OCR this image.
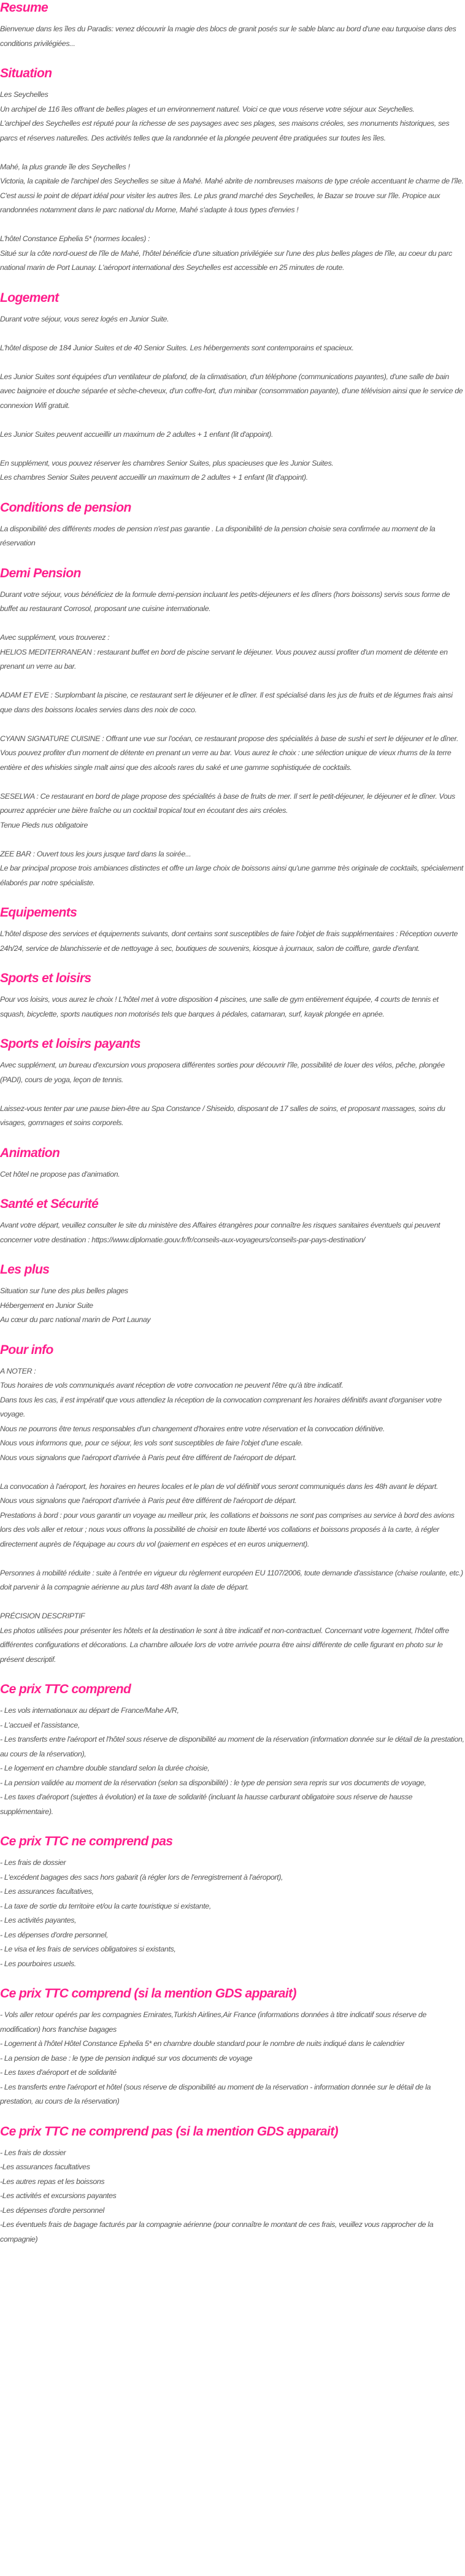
Resume

Bienvenue dans les îles du Paradis: venez découvrir la magie des blocs de granit posés sur le sable blanc au bord d'une eau turquoise dans des conditions privilégiées...

Situation

Les Seychelles
Un archipel de 116 îles offrant de belles plages et un environnement naturel. Voici ce que vous réserve votre séjour aux Seychelles.
L'archipel des Seychelles est réputé pour la richesse de ses paysages avec ses plages, ses maisons créoles, ses monuments historiques, ses parcs et réserves naturelles. Des activités telles que la randonnée et la plongée peuvent être pratiquées sur toutes les îles.

Mahé, la plus grande île des Seychelles !
Victoria, la capitale de l'archipel des Seychelles se situe à Mahé. Mahé abrite de nombreuses maisons de type créole accentuant le charme de l'île.
C'est aussi le point de départ idéal pour visiter les autres îles. Le plus grand marché des Seychelles, le Bazar se trouve sur l'île. Propice aux randonnées notamment dans le parc national du Morne, Mahé s'adapte à tous types d'envies !

L'hôtel Constance Ephelia 5* (normes locales) :
Situé sur la côte nord-ouest de l'île de Mahé, l'hôtel bénéficie d'une situation privilégiée sur l'une des plus belles plages de l'île, au coeur du parc national marin de Port Launay. L'aéroport international des Seychelles est accessible en 25 minutes de route.

Logement

Durant votre séjour, vous serez logés en Junior Suite.

L'hôtel dispose de 184 Junior Suites et de 40 Senior Suites. Les hébergements sont contemporains et spacieux.

Les Junior Suites sont équipées d'un ventilateur de plafond, de la climatisation, d'un téléphone (communications payantes), d'une salle de bain avec baignoire et douche séparée et sèche-cheveux, d'un coffre-fort, d'un minibar (consommation payante), d'une télévision ainsi que le service de connexion Wifi gratuit.

Les Junior Suites peuvent accueillir un maximum de 2 adultes + 1 enfant (lit d'appoint).

En supplément, vous pouvez réserver les chambres Senior Suites, plus spacieuses que les Junior Suites.
Les chambres Senior Suites peuvent accueillir un maximum de 2 adultes + 1 enfant (lit d'appoint).

Conditions de pension

La disponibilité des différents modes de pension n'est pas garantie . La disponibilité de la pension choisie sera confirmée au moment de la réservation

Demi Pension

Durant votre séjour, vous bénéficiez de la formule demi-pension incluant les petits-déjeuners et les dîners (hors boissons) servis sous forme de buffet au restaurant Corrosol, proposant une cuisine internationale.

Avec supplément, vous trouverez :
HELIOS MEDITERRANEAN : restaurant buffet en bord de piscine servant le déjeuner. Vous pouvez aussi profiter d'un moment de détente en prenant un verre au bar.

ADAM ET EVE : Surplombant la piscine, ce restaurant sert le déjeuner et le dîner. Il est spécialisé dans les jus de fruits et de légumes frais ainsi que dans des boissons locales servies dans des noix de coco.

CYANN SIGNATURE CUISINE : Offrant une vue sur l'océan, ce restaurant propose des spécialités à base de sushi et sert le déjeuner et le dîner. Vous pouvez profiter d'un moment de détente en prenant un verre au bar. Vous aurez le choix : une sélection unique de vieux rhums de la terre entière et des whiskies single malt ainsi que des alcools rares du saké et une gamme sophistiquée de cocktails.

SESELWA : Ce restaurant en bord de plage propose des spécialités à base de fruits de mer. Il sert le petit-déjeuner, le déjeuner et le dîner. Vous pourrez apprécier une bière fraîche ou un cocktail tropical tout en écoutant des airs créoles.
Tenue Pieds nus obligatoire

ZEE BAR : Ouvert tous les jours jusque tard dans la soirée...
Le bar principal propose trois ambiances distinctes et offre un large choix de boissons ainsi qu'une gamme très originale de cocktails, spécialement élaborés par notre spécialiste.

Equipements

L'hôtel dispose des services et équipements suivants, dont certains sont susceptibles de faire l'objet de frais supplémentaires : Réception ouverte 24h/24, service de blanchisserie et de nettoyage à sec, boutiques de souvenirs, kiosque à journaux, salon de coiffure, garde d'enfant.

Sports et loisirs

Pour vos loisirs, vous aurez le choix ! L'hôtel met à votre disposition 4 piscines, une salle de gym entièrement équipée, 4 courts de tennis et squash, bicyclette, sports nautiques non motorisés tels que barques à pédales, catamaran, surf, kayak plongée en apnée.

Sports et loisirs payants

Avec supplément, un bureau d'excursion vous proposera différentes sorties pour découvrir l'île, possibilité de louer des vélos, pêche, plongée (PADI), cours de yoga, leçon de tennis.

Laissez-vous tenter par une pause bien-être au Spa Constance / Shiseido, disposant de 17 salles de soins, et proposant massages, soins du visages, gommages et soins corporels.

Animation

Cet hôtel ne propose pas d'animation.

Santé et Sécurité

Avant votre départ, veuillez consulter le site du ministère des Affaires étrangères pour connaître les risques sanitaires éventuels qui peuvent concerner votre destination : https://www.diplomatie.gouv.fr/fr/conseils-aux-voyageurs/conseils-par-pays-destination/

Les plus

Situation sur l'une des plus belles plages
Hébergement en Junior Suite
Au cœur du parc national marin de Port Launay

Pour info

A NOTER :
Tous horaires de vols communiqués avant réception de votre convocation ne peuvent l'être qu'à titre indicatif.
Dans tous les cas, il est impératif que vous attendiez la réception de la convocation comprenant les horaires définitifs avant d'organiser votre voyage.
Nous ne pourrons être tenus responsables d'un changement d'horaires entre votre réservation et la convocation définitive.
Nous vous informons que, pour ce séjour, les vols sont susceptibles de faire l'objet d'une escale.
Nous vous signalons que l'aéroport d'arrivée à Paris peut être différent de l'aéroport de départ.

La convocation à l'aéroport, les horaires en heures locales et le plan de vol définitif vous seront communiqués dans les 48h avant le départ.
Nous vous signalons que l'aéroport d'arrivée à Paris peut être différent de l'aéroport de départ.
Prestations à bord : pour vous garantir un voyage au meilleur prix, les collations et boissons ne sont pas comprises au service à bord des avions lors des vols aller et retour ; nous vous offrons la possibilité de choisir en toute liberté vos collations et boissons proposés à la carte, à régler directement auprès de l'équipage au cours du vol (paiement en espèces et en euros uniquement).

Personnes à mobilité réduite : suite à l'entrée en vigueur du règlement européen EU 1107/2006, toute demande d'assistance (chaise roulante, etc.) doit parvenir à la compagnie aérienne au plus tard 48h avant la date de départ.

PRÉCISION DESCRIPTIF
Les photos utilisées pour présenter les hôtels et la destination le sont à titre indicatif et non-contractuel. Concernant votre logement, l'hôtel offre différentes configurations et décorations. La chambre allouée lors de votre arrivée pourra être ainsi différente de celle figurant en photo sur le présent descriptif.

Ce prix TTC comprend

- Les vols internationaux au départ de France/Mahe A/R,
- L'accueil et l'assistance,
- Les transferts entre l'aéroport et l'hôtel sous réserve de disponibilité au moment de la réservation (information donnée sur le détail de la prestation, au cours de la réservation),
- Le logement en chambre double standard selon la durée choisie,
- La pension validée au moment de la réservation (selon sa disponibilité) : le type de pension sera repris sur vos documents de voyage,
- Les taxes d'aéroport (sujettes à évolution) et la taxe de solidarité (incluant la hausse carburant obligatoire sous réserve de hausse supplémentaire).

Ce prix TTC ne comprend pas

- Les frais de dossier
- L'excédent bagages des sacs hors gabarit (à régler lors de l'enregistrement à l'aéroport),
- Les assurances facultatives,
- La taxe de sortie du territoire et/ou la carte touristique si existante,
- Les activités payantes,
- Les dépenses d'ordre personnel,
- Le visa et les frais de services obligatoires si existants,
- Les pourboires usuels.

Ce prix TTC comprend (si la mention GDS apparait)

- Vols aller retour opérés par les compagnies Emirates,Turkish Airlines,Air France (informations données à titre indicatif sous réserve de modification) hors franchise bagages
- Logement à l'hôtel Hôtel Constance Ephelia 5* en chambre double standard pour le nombre de nuits indiqué dans le calendrier
- La pension de base : le type de pension indiqué sur vos documents de voyage
- Les taxes d'aéroport et de solidarité
- Les transferts entre l'aéroport et hôtel (sous réserve de disponibilité au moment de la réservation - information donnée sur le détail de la prestation, au cours de la réservation)

Ce prix TTC ne comprend pas (si la mention GDS apparait)

- Les frais de dossier
-Les assurances facultatives
-Les autres repas et les boissons
-Les activités et excursions payantes
-Les dépenses d'ordre personnel
-Les éventuels frais de bagage facturés par la compagnie aérienne (pour connaître le montant de ces frais, veuillez vous rapprocher de la compagnie)
